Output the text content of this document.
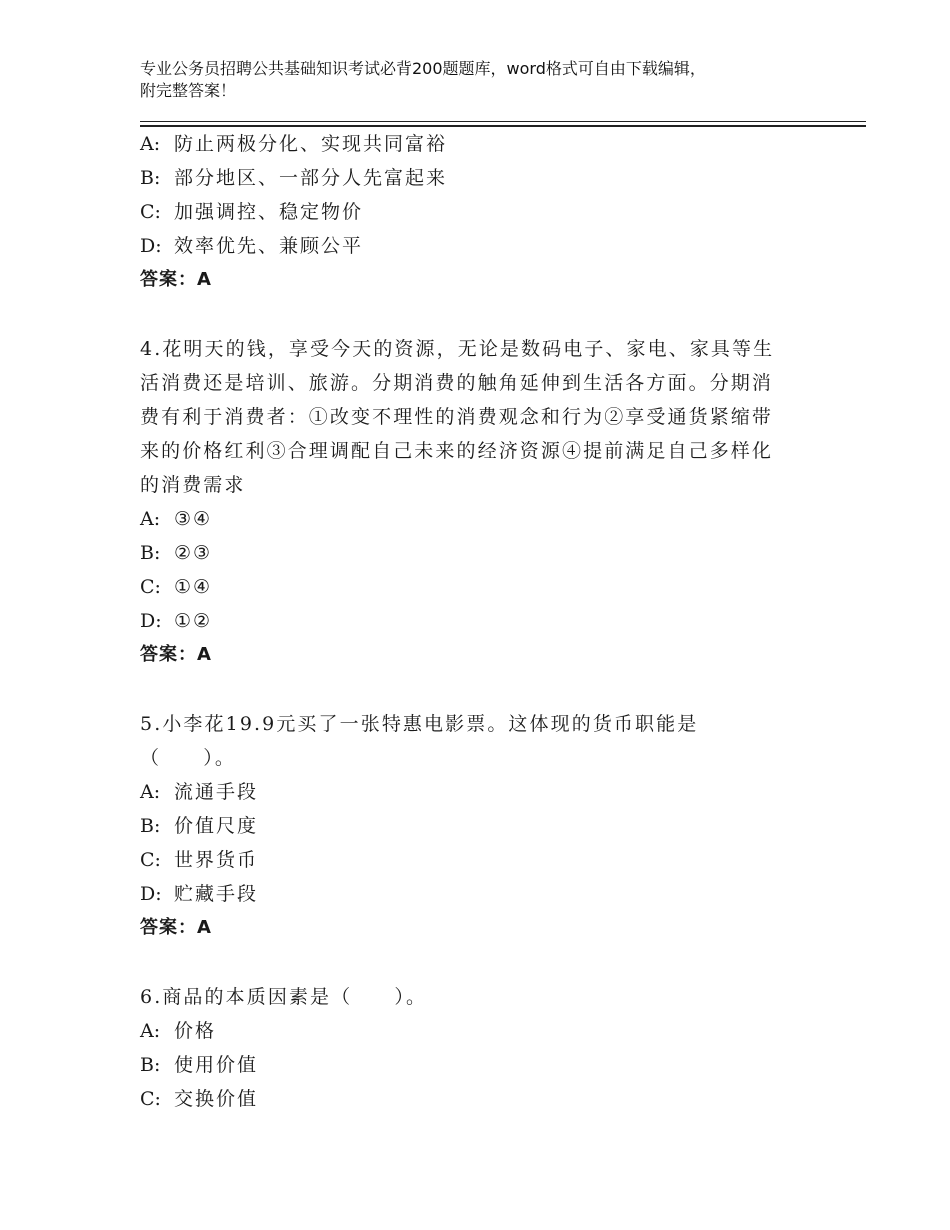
专业公务员招聘公共基础知识考试必背200题题库，word格式可自由下载编辑，
附完整答案！
A: 防止两极分化、实现共同富裕
B: 部分地区、一部分人先富起来
C: 加强调控、稳定物价
D: 效率优先、兼顾公平
答案：A
4.花明天的钱，享受今天的资源，无论是数码电子、家电、家具等生
活消费还是培训、旅游。分期消费的触角延伸到生活各方面。分期消
费有利于消费者：①改变不理性的消费观念和行为②享受通货紧缩带
来的价格红利③合理调配自己未来的经济资源④提前满足自己多样化
的消费需求
A: ③④
B: ②③
C: ①④
D: ①②
答案：A
5.小李花19.9元买了一张特惠电影票。这体现的货币职能是
（　　）。
A: 流通手段
B: 价值尺度
C: 世界货币
D: 贮藏手段
答案：A
6.商品的本质因素是（　　）。
A: 价格
B: 使用价值
C: 交换价值
